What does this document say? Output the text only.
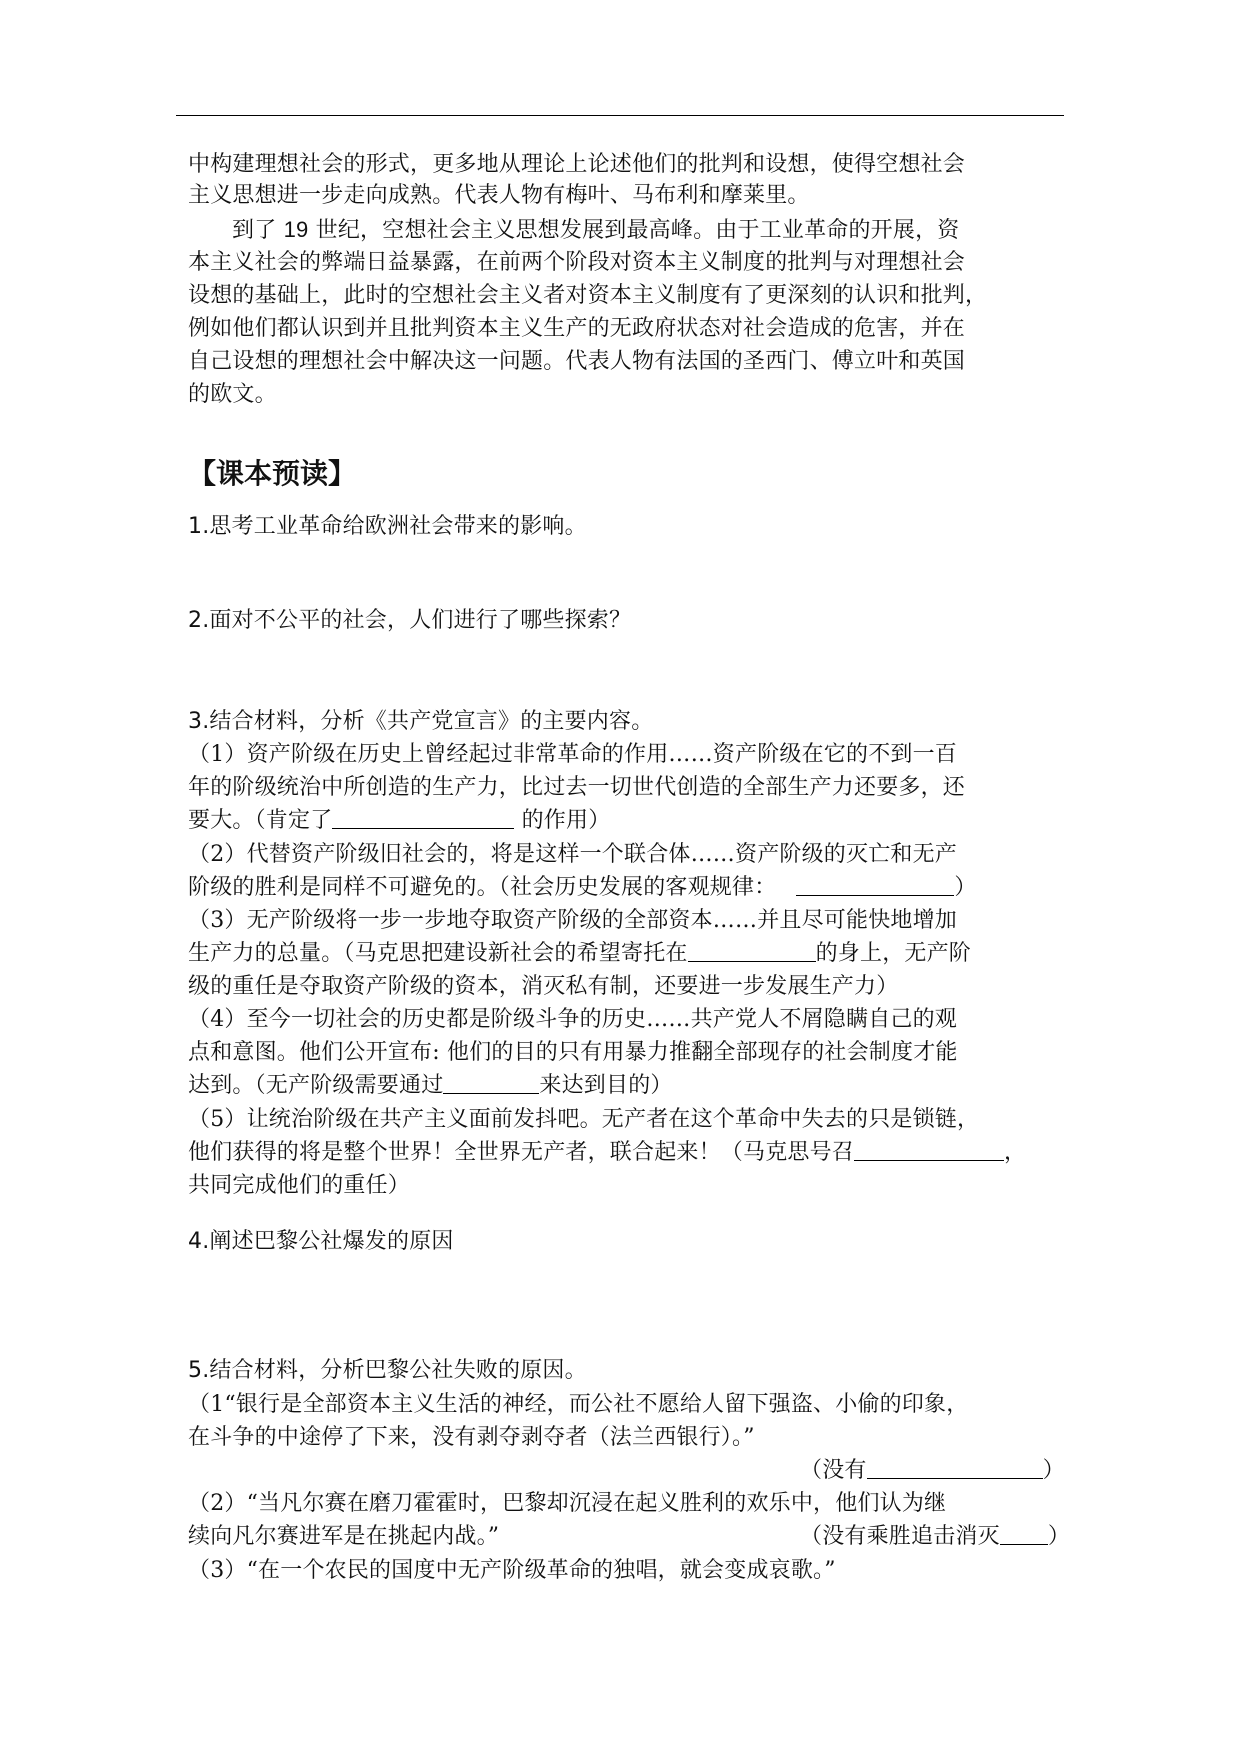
中构建理想社会的形式，更多地从理论上论述他们的批判和设想，使得空想社会
主义思想进一步走向成熟。代表人物有梅叶、马布利和摩莱里。
到了 19 世纪，空想社会主义思想发展到最高峰。由于工业革命的开展，资
本主义社会的弊端日益暴露，在前两个阶段对资本主义制度的批判与对理想社会
设想的基础上，此时的空想社会主义者对资本主义制度有了更深刻的认识和批判，
例如他们都认识到并且批判资本主义生产的无政府状态对社会造成的危害，并在
自己设想的理想社会中解决这一问题。代表人物有法国的圣西门、傅立叶和英国
的欧文。
【课本预读】
1.思考工业革命给欧洲社会带来的影响。
2.面对不公平的社会，人们进行了哪些探索？
3.结合材料，分析《共产党宣言》的主要内容。
（1）资产阶级在历史上曾经起过非常革命的作用……资产阶级在它的不到一百
年的阶级统治中所创造的生产力，比过去一切世代创造的全部生产力还要多，还
要大。（肯定了	的作用）
（2）代替资产阶级旧社会的，将是这样一个联合体……资产阶级的灭亡和无产
阶级的胜利是同样不可避免的。（社会历史发展的客观规律：	）
（3）无产阶级将一步一步地夺取资产阶级的全部资本……并且尽可能快地增加
生产力的总量。（马克思把建设新社会的希望寄托在	的身上，无产阶
级的重任是夺取资产阶级的资本，消灭私有制，还要进一步发展生产力）
（4）至今一切社会的历史都是阶级斗争的历史……共产党人不屑隐瞒自己的观
点和意图。他们公开宣布: 他们的目的只有用暴力推翻全部现存的社会制度才能
达到。（无产阶级需要通过	来达到目的）
（5）让统治阶级在共产主义面前发抖吧。无产者在这个革命中失去的只是锁链，
他们获得的将是整个世界！全世界无产者，联合起来！（马克思号召	，
共同完成他们的重任）
4.阐述巴黎公社爆发的原因
5.结合材料，分析巴黎公社失败的原因。
（1“银行是全部资本主义生活的神经，而公社不愿给人留下强盗、小偷的印象，
在斗争的中途停了下来，没有剥夺剥夺者（法兰西银行）。”
（没有	）
（2）“当凡尔赛在磨刀霍霍时，巴黎却沉浸在起义胜利的欢乐中，他们认为继
续向凡尔赛进军是在挑起内战。”	（没有乘胜追击消灭 ）
（3）“在一个农民的国度中无产阶级革命的独唱，就会变成哀歌。”
